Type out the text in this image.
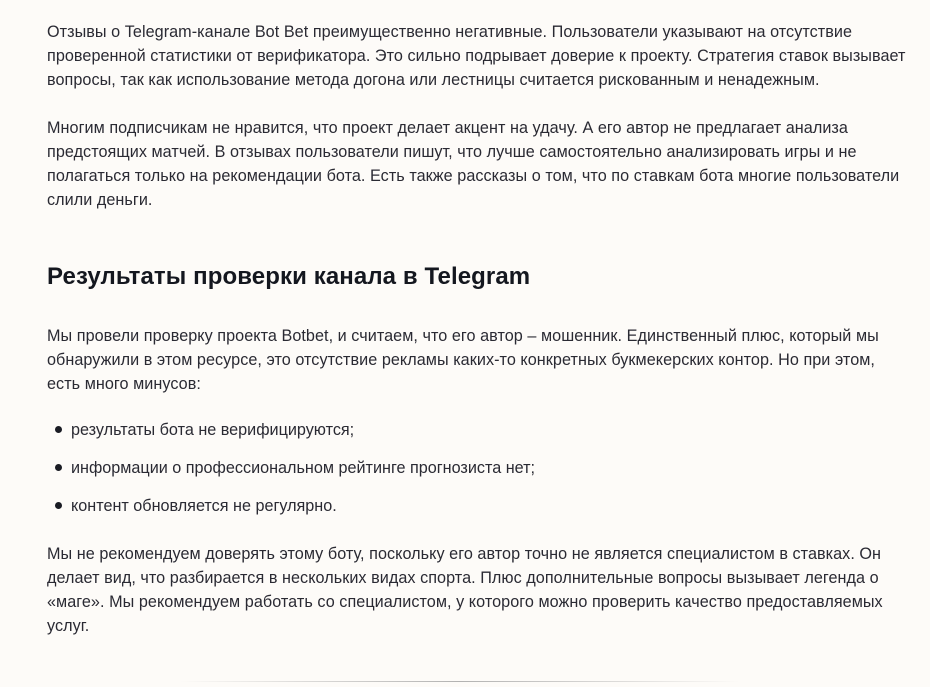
Отзывы о Telegram-канале Bot Bet преимущественно негативные. Пользователи указывают на отсутствие проверенной статистики от верификатора. Это сильно подрывает доверие к проекту. Стратегия ставок вызывает вопросы, так как использование метода догона или лестницы считается рискованным и ненадежным.

Многим подписчикам не нравится, что проект делает акцент на удачу. А его автор не предлагает анализа предстоящих матчей. В отзывах пользователи пишут, что лучше самостоятельно анализировать игры и не полагаться только на рекомендации бота. Есть также рассказы о том, что по ставкам бота многие пользователи слили деньги.

Результаты проверки канала в Telegram

Мы провели проверку проекта Botbet, и считаем, что его автор – мошенник. Единственный плюс, который мы обнаружили в этом ресурсе, это отсутствие рекламы каких-то конкретных букмекерских контор. Но при этом, есть много минусов:

результаты бота не верифицируются;
информации о профессиональном рейтинге прогнозиста нет;
контент обновляется не регулярно.

Мы не рекомендуем доверять этому боту, поскольку его автор точно не является специалистом в ставках. Он делает вид, что разбирается в нескольких видах спорта. Плюс дополнительные вопросы вызывает легенда о «маге». Мы рекомендуем работать со специалистом, у которого можно проверить качество предоставляемых услуг.
